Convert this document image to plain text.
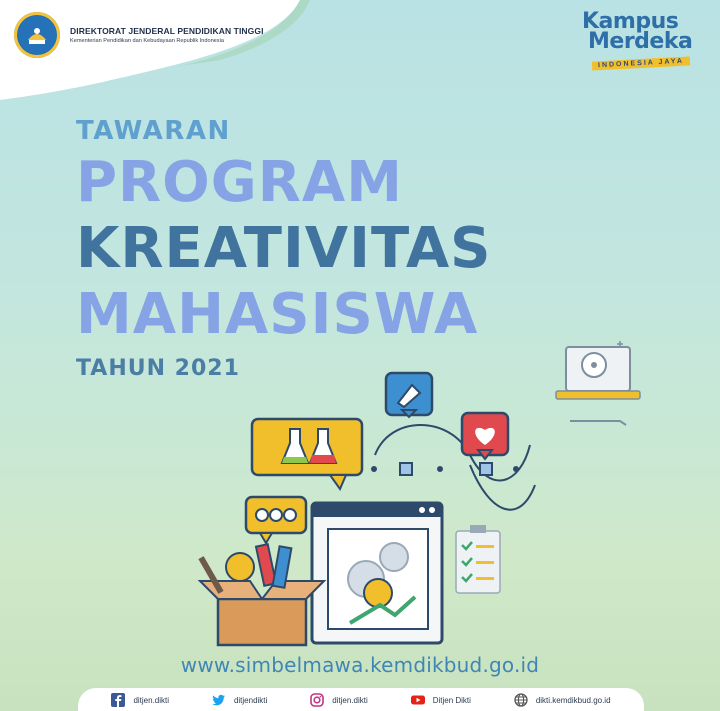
DIREKTORAT JENDERAL PENDIDIKAN TINGGI
Kementerian Pendidikan dan Kebudayaan Republik Indonesia
Kampus
Merdeka
INDONESIA JAYA
TAWARAN
PROGRAM
KREATIVITAS
MAHASISWA
TAHUN 2021
www.simbelmawa.kemdikbud.go.id
ditjen.dikti	ditjendikti	ditjen.dikti	Ditjen Dikti	dikti.kemdikbud.go.id
